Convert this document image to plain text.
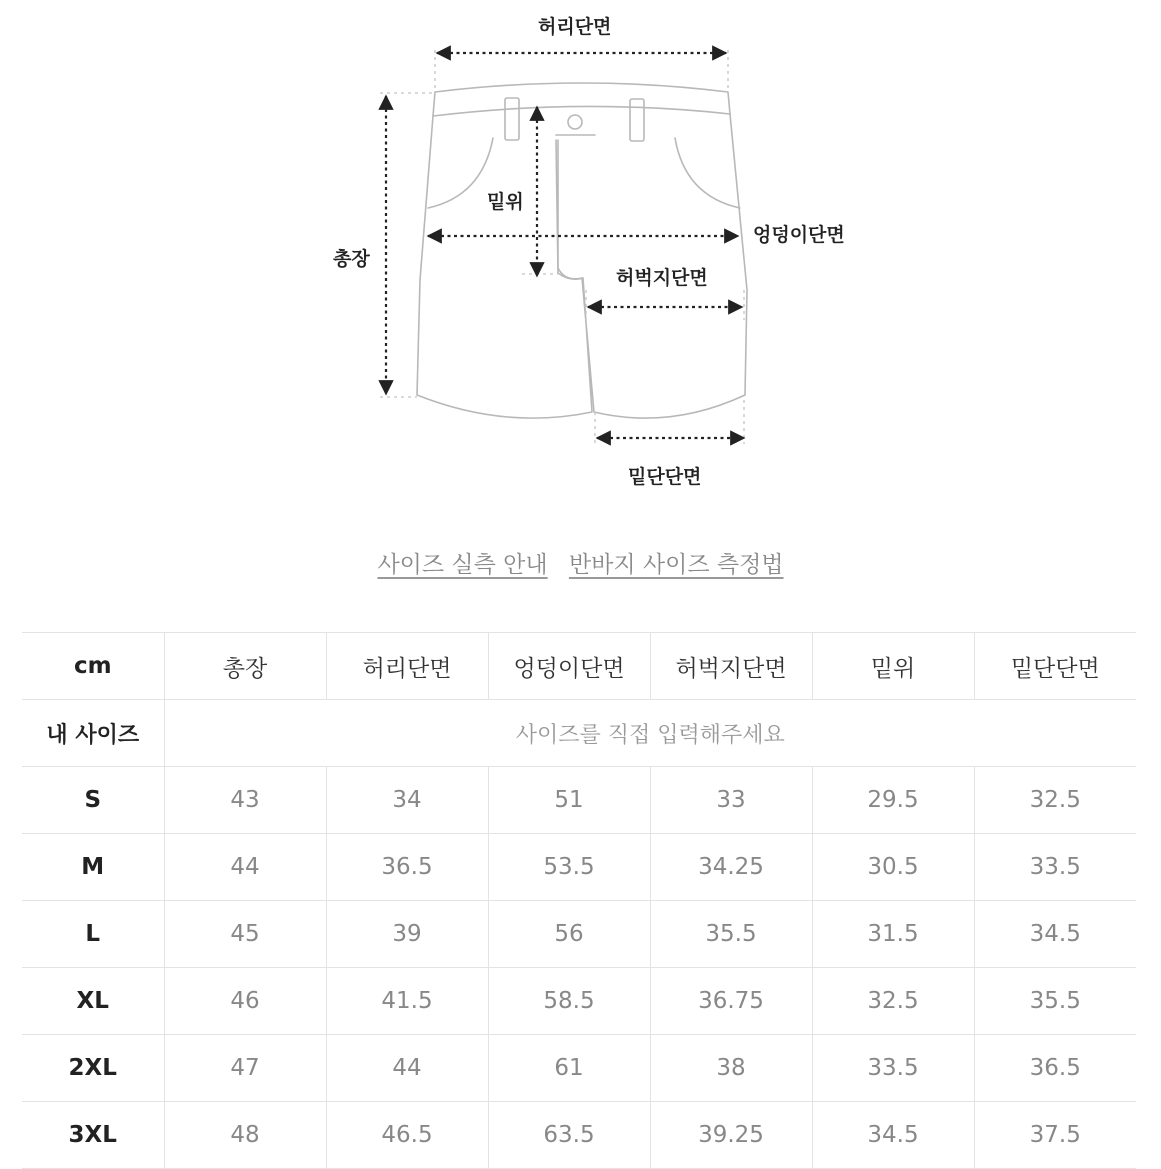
허리단면
총장
밑위
엉덩이단면
허벅지단면
밑단단면
사이즈 실측 안내 반바지 사이즈 측정법
cm	총장	허리단면	엉덩이단면	허벅지단면	밑위	밑단단면
내 사이즈	사이즈를 직접 입력해주세요					
S	43	34	51	33	29.5	32.5
M	44	36.5	53.5	34.25	30.5	33.5
L	45	39	56	35.5	31.5	34.5
XL	46	41.5	58.5	36.75	32.5	35.5
2XL	47	44	61	38	33.5	36.5
3XL	48	46.5	63.5	39.25	34.5	37.5
